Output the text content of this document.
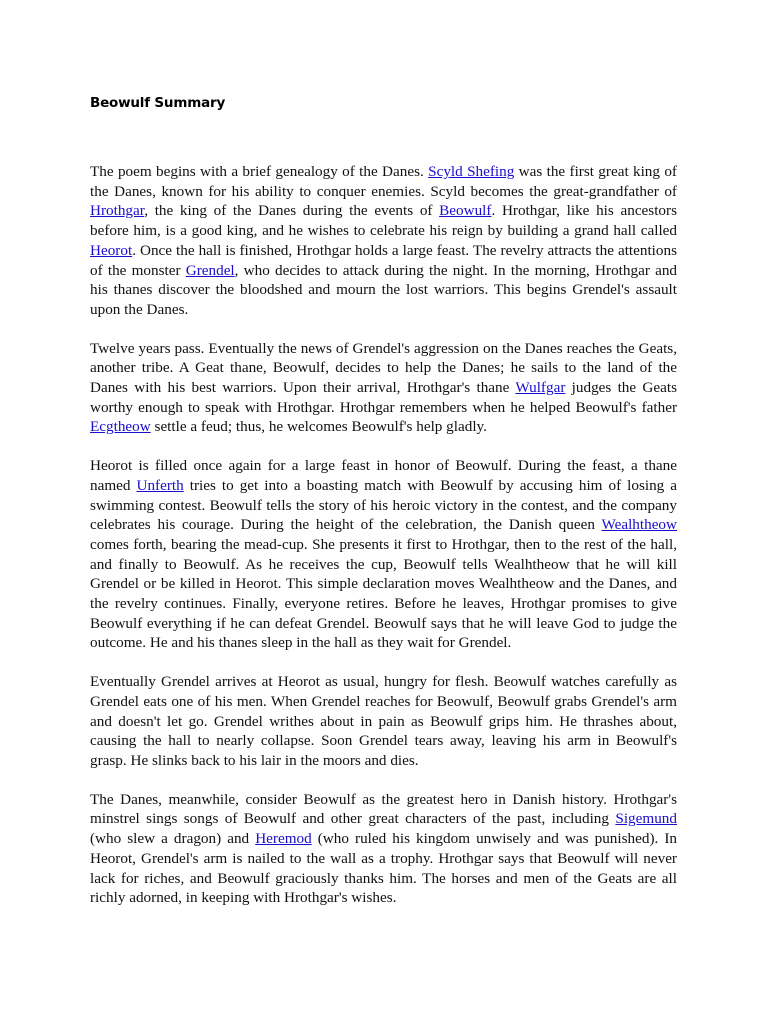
Beowulf Summary

The poem begins with a brief genealogy of the Danes. Scyld Shefing was the first great king of the Danes, known for his ability to conquer enemies. Scyld becomes the great-grandfather of Hrothgar, the king of the Danes during the events of Beowulf. Hrothgar, like his ancestors before him, is a good king, and he wishes to celebrate his reign by building a grand hall called Heorot. Once the hall is finished, Hrothgar holds a large feast. The revelry attracts the attentions of the monster Grendel, who decides to attack during the night. In the morning, Hrothgar and his thanes discover the bloodshed and mourn the lost warriors. This begins Grendel's assault upon the Danes.

Twelve years pass. Eventually the news of Grendel's aggression on the Danes reaches the Geats, another tribe. A Geat thane, Beowulf, decides to help the Danes; he sails to the land of the Danes with his best warriors. Upon their arrival, Hrothgar's thane Wulfgar judges the Geats worthy enough to speak with Hrothgar. Hrothgar remembers when he helped Beowulf's father Ecgtheow settle a feud; thus, he welcomes Beowulf's help gladly.

Heorot is filled once again for a large feast in honor of Beowulf. During the feast, a thane named Unferth tries to get into a boasting match with Beowulf by accusing him of losing a swimming contest. Beowulf tells the story of his heroic victory in the contest, and the company celebrates his courage. During the height of the celebration, the Danish queen Wealhtheow comes forth, bearing the mead-cup. She presents it first to Hrothgar, then to the rest of the hall, and finally to Beowulf. As he receives the cup, Beowulf tells Wealhtheow that he will kill Grendel or be killed in Heorot. This simple declaration moves Wealhtheow and the Danes, and the revelry continues. Finally, everyone retires. Before he leaves, Hrothgar promises to give Beowulf everything if he can defeat Grendel. Beowulf says that he will leave God to judge the outcome. He and his thanes sleep in the hall as they wait for Grendel.

Eventually Grendel arrives at Heorot as usual, hungry for flesh. Beowulf watches carefully as Grendel eats one of his men. When Grendel reaches for Beowulf, Beowulf grabs Grendel's arm and doesn't let go. Grendel writhes about in pain as Beowulf grips him. He thrashes about, causing the hall to nearly collapse. Soon Grendel tears away, leaving his arm in Beowulf's grasp. He slinks back to his lair in the moors and dies.

The Danes, meanwhile, consider Beowulf as the greatest hero in Danish history. Hrothgar's minstrel sings songs of Beowulf and other great characters of the past, including Sigemund (who slew a dragon) and Heremod (who ruled his kingdom unwisely and was punished). In Heorot, Grendel's arm is nailed to the wall as a trophy. Hrothgar says that Beowulf will never lack for riches, and Beowulf graciously thanks him. The horses and men of the Geats are all richly adorned, in keeping with Hrothgar's wishes.
